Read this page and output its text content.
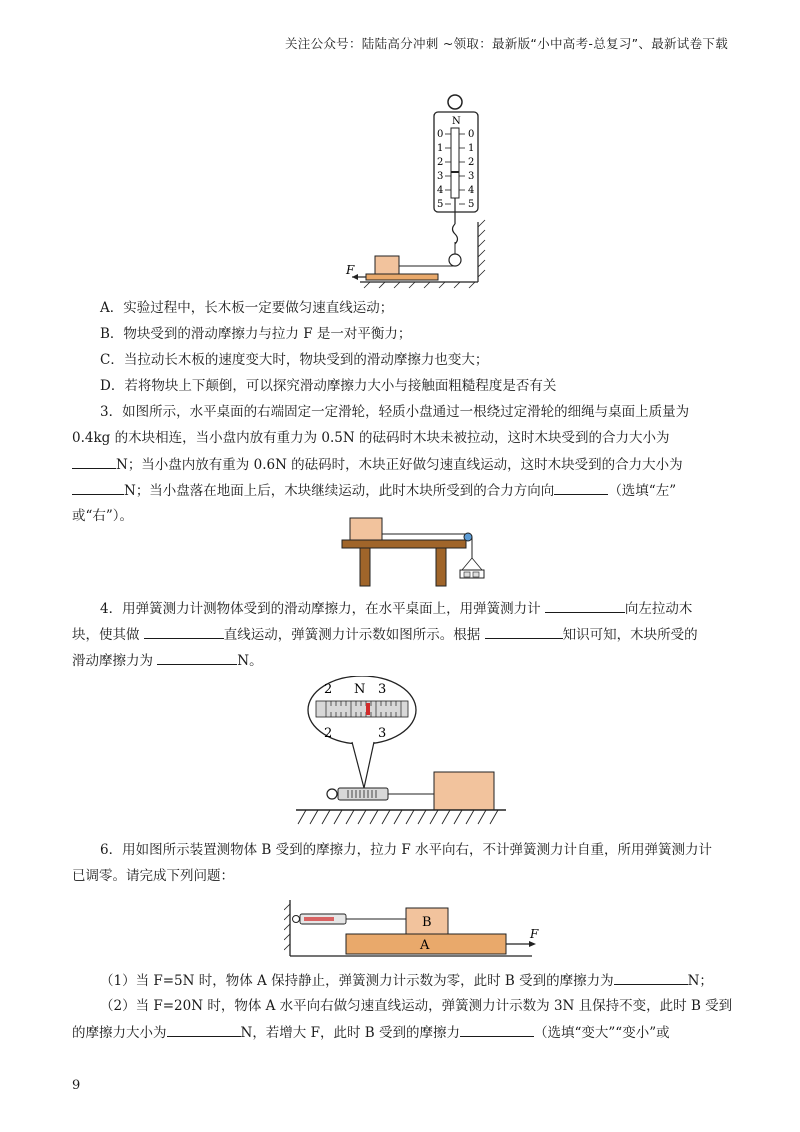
关注公众号：陆陆高分冲刺 ~领取：最新版“小中高考-总复习”、最新试卷下载
N
0
1
2
3
4
5
0
1
2
3
4
5
F
A．实验过程中，长木板一定要做匀速直线运动；
B．物块受到的滑动摩擦力与拉力 F 是一对平衡力；
C．当拉动长木板的速度变大时，物块受到的滑动摩擦力也变大；
D．若将物块上下颠倒，可以探究滑动摩擦力大小与接触面粗糙程度是否有关
3．如图所示，水平桌面的右端固定一定滑轮，轻质小盘通过一根绕过定滑轮的细绳与桌面上质量为
0.4kg 的木块相连，当小盘内放有重力为 0.5N 的砝码时木块未被拉动，这时木块受到的合力大小为
N；当小盘内放有重为 0.6N 的砝码时，木块正好做匀速直线运动，这时木块受到的合力大小为
N；当小盘落在地面上后，木块继续运动，此时木块所受到的合力方向向	（选填“左”
或“右”）。
4．用弹簧测力计测物体受到的滑动摩擦力，在水平桌面上，用弹簧测力计	向左拉动木
块，使其做	直线运动，弹簧测力计示数如图所示。根据	知识可知，木块所受的
滑动摩擦力为	N。
2 N 3
2	3
6．用如图所示装置测物体 B 受到的摩擦力，拉力 F 水平向右，不计弹簧测力计自重，所用弹簧测力计
已调零。请完成下列问题：
B
A
F
（1）当 F=5N 时，物体 A 保持静止，弹簧测力计示数为零，此时 B 受到的摩擦力为	N；
（2）当 F=20N 时，物体 A 水平向右做匀速直线运动，弹簧测力计示数为 3N 且保持不变，此时 B 受到
的摩擦力大小为	N，若增大 F，此时 B 受到的摩擦力	（选填“变大”“变小”或
9
